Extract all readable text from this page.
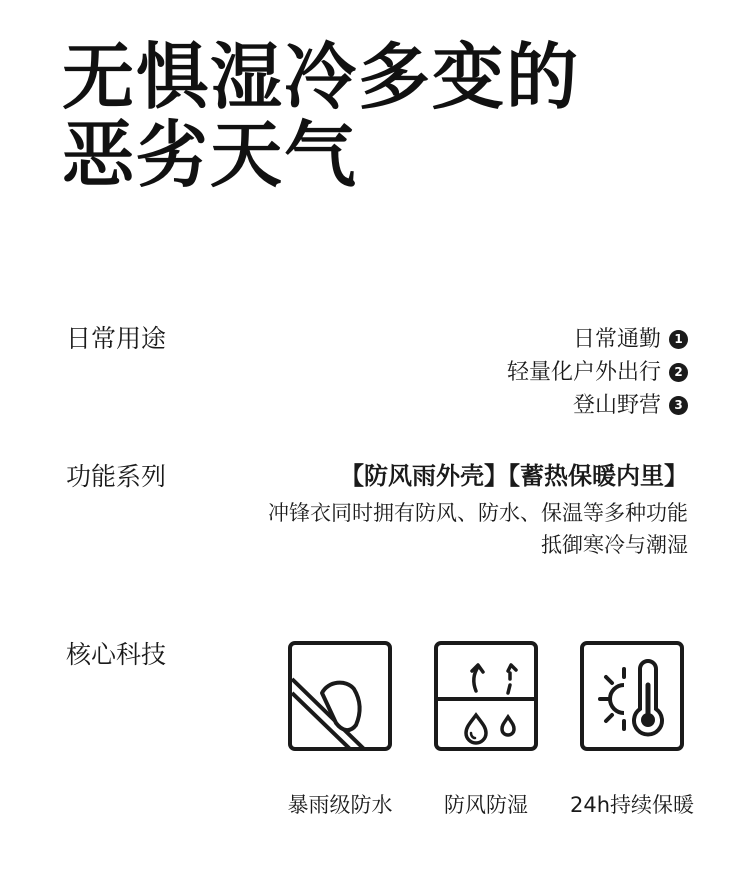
无惧湿冷多变的
恶劣天气
日常用途	日常通勤	1
轻量化户外出行	2
登山野营	3
功能系列	【防风雨外壳】【蓄热保暖内里】
冲锋衣同时拥有防风、防水、保温等多种功能
抵御寒冷与潮湿
核心科技
暴雨级防水	防风防湿	24h持续保暖
